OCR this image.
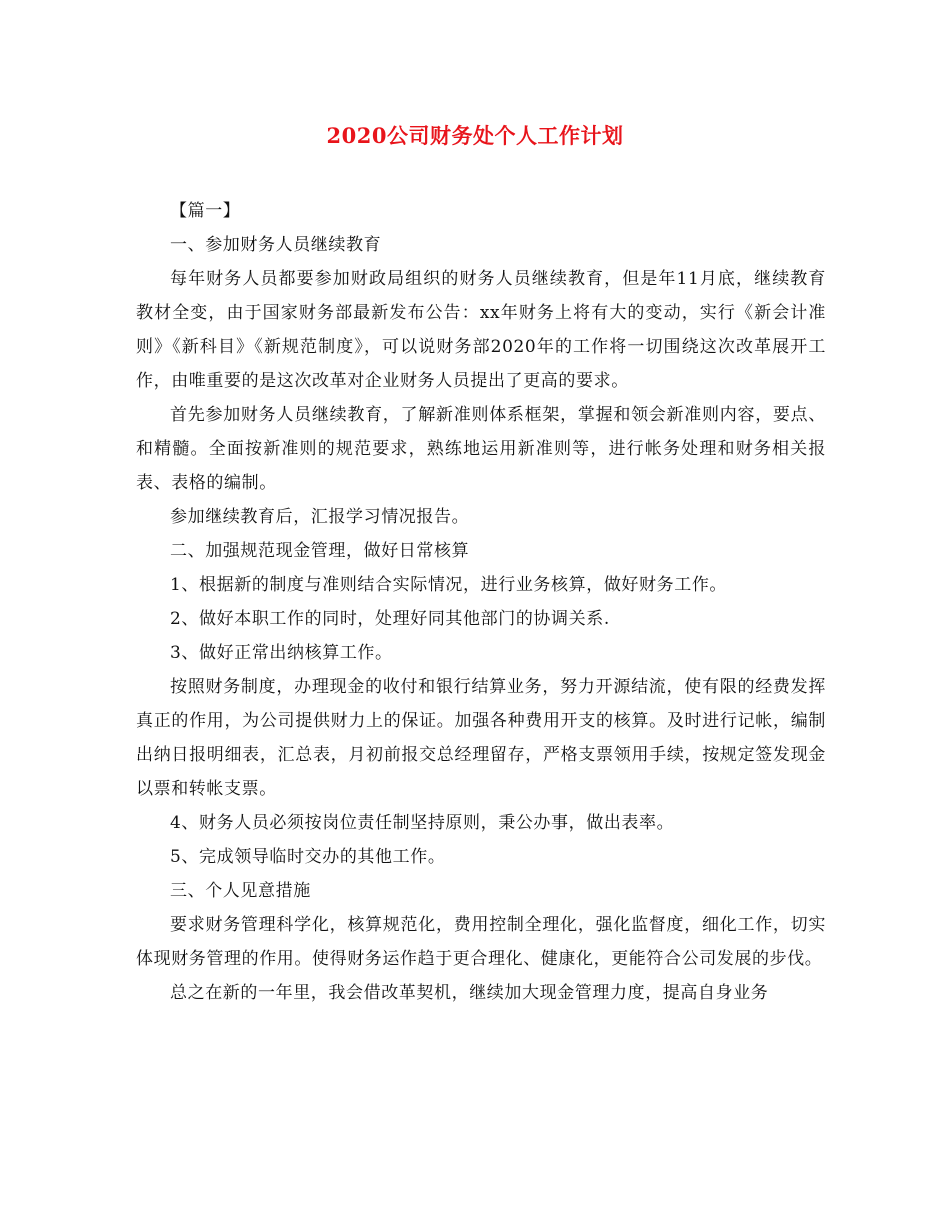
2020公司财务处个人工作计划

【篇一】

一、参加财务人员继续教育

每年财务人员都要参加财政局组织的财务人员继续教育，但是年11月底，继续教育教材全变，由于国家财务部最新发布公告：xx年财务上将有大的变动，实行《新会计准则》《新科目》《新规范制度》，可以说财务部2020年的工作将一切围绕这次改革展开工作，由唯重要的是这次改革对企业财务人员提出了更高的要求。

首先参加财务人员继续教育，了解新准则体系框架，掌握和领会新准则内容，要点、和精髓。全面按新准则的规范要求，熟练地运用新准则等，进行帐务处理和财务相关报表、表格的编制。

参加继续教育后，汇报学习情况报告。

二、加强规范现金管理，做好日常核算

1、根据新的制度与准则结合实际情况，进行业务核算，做好财务工作。

2、做好本职工作的同时，处理好同其他部门的协调关系.

3、做好正常出纳核算工作。

按照财务制度，办理现金的收付和银行结算业务，努力开源结流，使有限的经费发挥真正的作用，为公司提供财力上的保证。加强各种费用开支的核算。及时进行记帐，编制出纳日报明细表，汇总表，月初前报交总经理留存，严格支票领用手续，按规定签发现金以票和转帐支票。

4、财务人员必须按岗位责任制坚持原则，秉公办事，做出表率。

5、完成领导临时交办的其他工作。

三、个人见意措施

要求财务管理科学化，核算规范化，费用控制全理化，强化监督度，细化工作，切实体现财务管理的作用。使得财务运作趋于更合理化、健康化，更能符合公司发展的步伐。

总之在新的一年里，我会借改革契机，继续加大现金管理力度，提高自身业务
